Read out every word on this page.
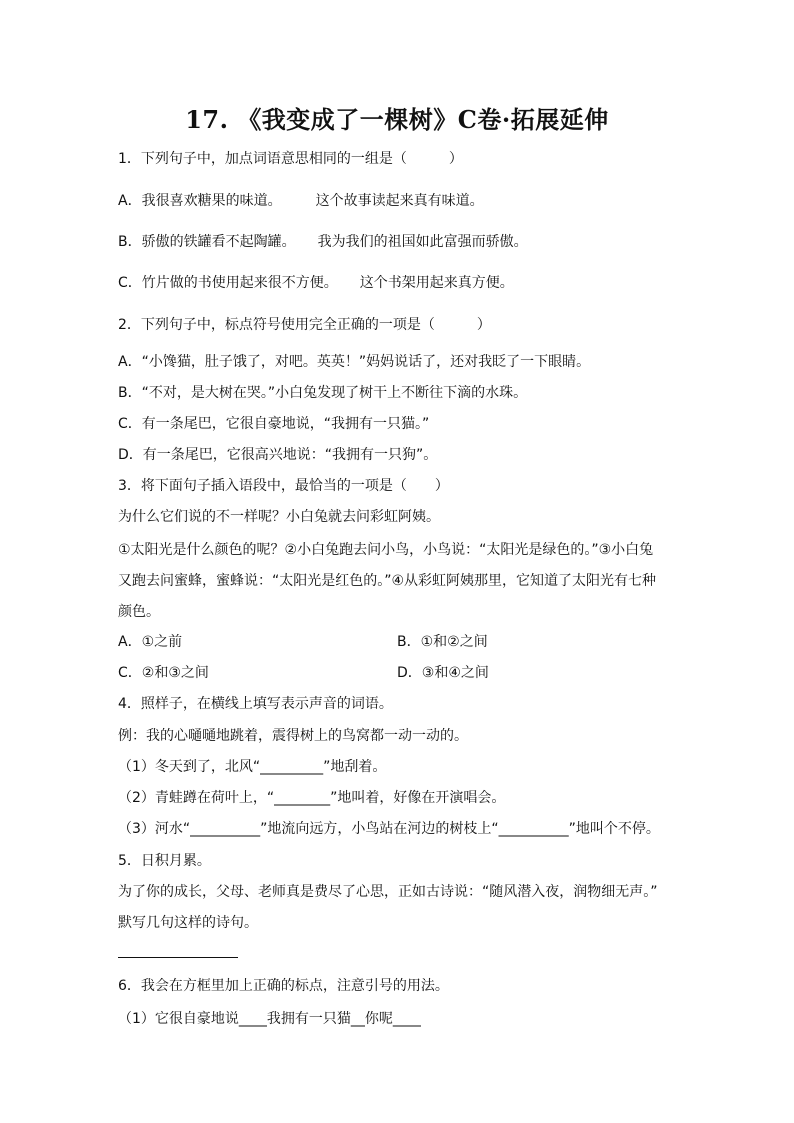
17. 《我变成了一棵树》C卷·拓展延伸
1．下列句子中，加点词语意思相同的一组是（　　　）
A．我很喜欢糖果的味道。 这个故事读起来真有味道。
B．骄傲的铁罐看不起陶罐。 我为我们的祖国如此富强而骄傲。
C．竹片做的书使用起来很不方便。 这个书架用起来真方便。
2．下列句子中，标点符号使用完全正确的一项是（　　　）
A．“小馋猫，肚子饿了，对吧。英英！”妈妈说话了，还对我眨了一下眼睛。
B．“不对，是大树在哭。”小白兔发现了树干上不断往下滴的水珠。
C．有一条尾巴，它很自豪地说，“我拥有一只猫。”
D．有一条尾巴，它很高兴地说：“我拥有一只狗”。
3．将下面句子插入语段中，最恰当的一项是（　　）
为什么它们说的不一样呢？小白兔就去问彩虹阿姨。
①太阳光是什么颜色的呢？②小白兔跑去问小鸟，小鸟说：“太阳光是绿色的。”③小白兔
又跑去问蜜蜂，蜜蜂说：“太阳光是红色的。”④从彩虹阿姨那里，它知道了太阳光有七种
颜色。
A．①之前	B．①和②之间
C．②和③之间	D．③和④之间
4．照样子，在横线上填写表示声音的词语。
例：我的心嗵嗵地跳着，震得树上的鸟窝都一动一动的。
（1）冬天到了，北风“_________”地刮着。
（2）青蛙蹲在荷叶上，“________”地叫着，好像在开演唱会。
（3）河水“__________”地流向远方，小鸟站在河边的树枝上“__________”地叫个不停。
5．日积月累。
为了你的成长，父母、老师真是费尽了心思，正如古诗说：“随风潜入夜，润物细无声。”
默写几句这样的诗句。
6．我会在方框里加上正确的标点，注意引号的用法。
（1）它很自豪地说____我拥有一只猫__你呢____
